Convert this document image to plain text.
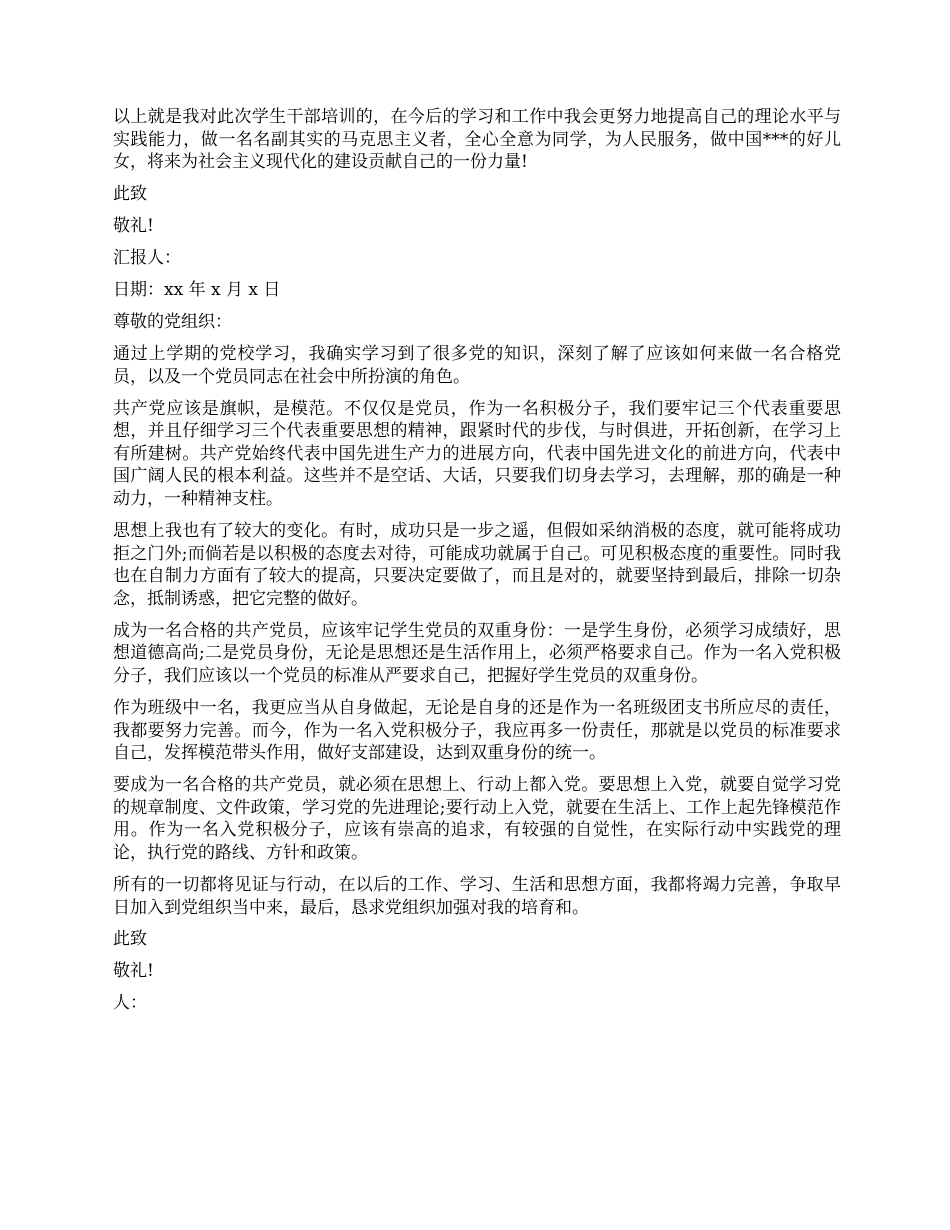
以上就是我对此次学生干部培训的，在今后的学习和工作中我会更努力地提高自己的理论水平与实践能力，做一名名副其实的马克思主义者，全心全意为同学，为人民服务，做中国***的好儿女，将来为社会主义现代化的建设贡献自己的一份力量!

此致

敬礼!

汇报人：

日期：xx 年 x 月 x 日

尊敬的党组织：

通过上学期的党校学习，我确实学习到了很多党的知识，深刻了解了应该如何来做一名合格党员，以及一个党员同志在社会中所扮演的角色。

共产党应该是旗帜，是模范。不仅仅是党员，作为一名积极分子，我们要牢记三个代表重要思想，并且仔细学习三个代表重要思想的精神，跟紧时代的步伐，与时俱进，开拓创新，在学习上有所建树。共产党始终代表中国先进生产力的进展方向，代表中国先进文化的前进方向，代表中国广阔人民的根本利益。这些并不是空话、大话，只要我们切身去学习，去理解，那的确是一种动力，一种精神支柱。

思想上我也有了较大的变化。有时，成功只是一步之遥，但假如采纳消极的态度，就可能将成功拒之门外;而倘若是以积极的态度去对待，可能成功就属于自己。可见积极态度的重要性。同时我也在自制力方面有了较大的提高，只要决定要做了，而且是对的，就要坚持到最后，排除一切杂念，抵制诱惑，把它完整的做好。

成为一名合格的共产党员，应该牢记学生党员的双重身份：一是学生身份，必须学习成绩好，思想道德高尚;二是党员身份，无论是思想还是生活作用上，必须严格要求自己。作为一名入党积极分子，我们应该以一个党员的标准从严要求自己，把握好学生党员的双重身份。

作为班级中一名，我更应当从自身做起，无论是自身的还是作为一名班级团支书所应尽的责任，我都要努力完善。而今，作为一名入党积极分子，我应再多一份责任，那就是以党员的标准要求自己，发挥模范带头作用，做好支部建设，达到双重身份的统一。

要成为一名合格的共产党员，就必须在思想上、行动上都入党。要思想上入党，就要自觉学习党的规章制度、文件政策，学习党的先进理论;要行动上入党，就要在生活上、工作上起先锋模范作用。作为一名入党积极分子，应该有崇高的追求，有较强的自觉性，在实际行动中实践党的理论，执行党的路线、方针和政策。

所有的一切都将见证与行动，在以后的工作、学习、生活和思想方面，我都将竭力完善，争取早日加入到党组织当中来，最后，恳求党组织加强对我的培育和。

此致

敬礼!

人：
